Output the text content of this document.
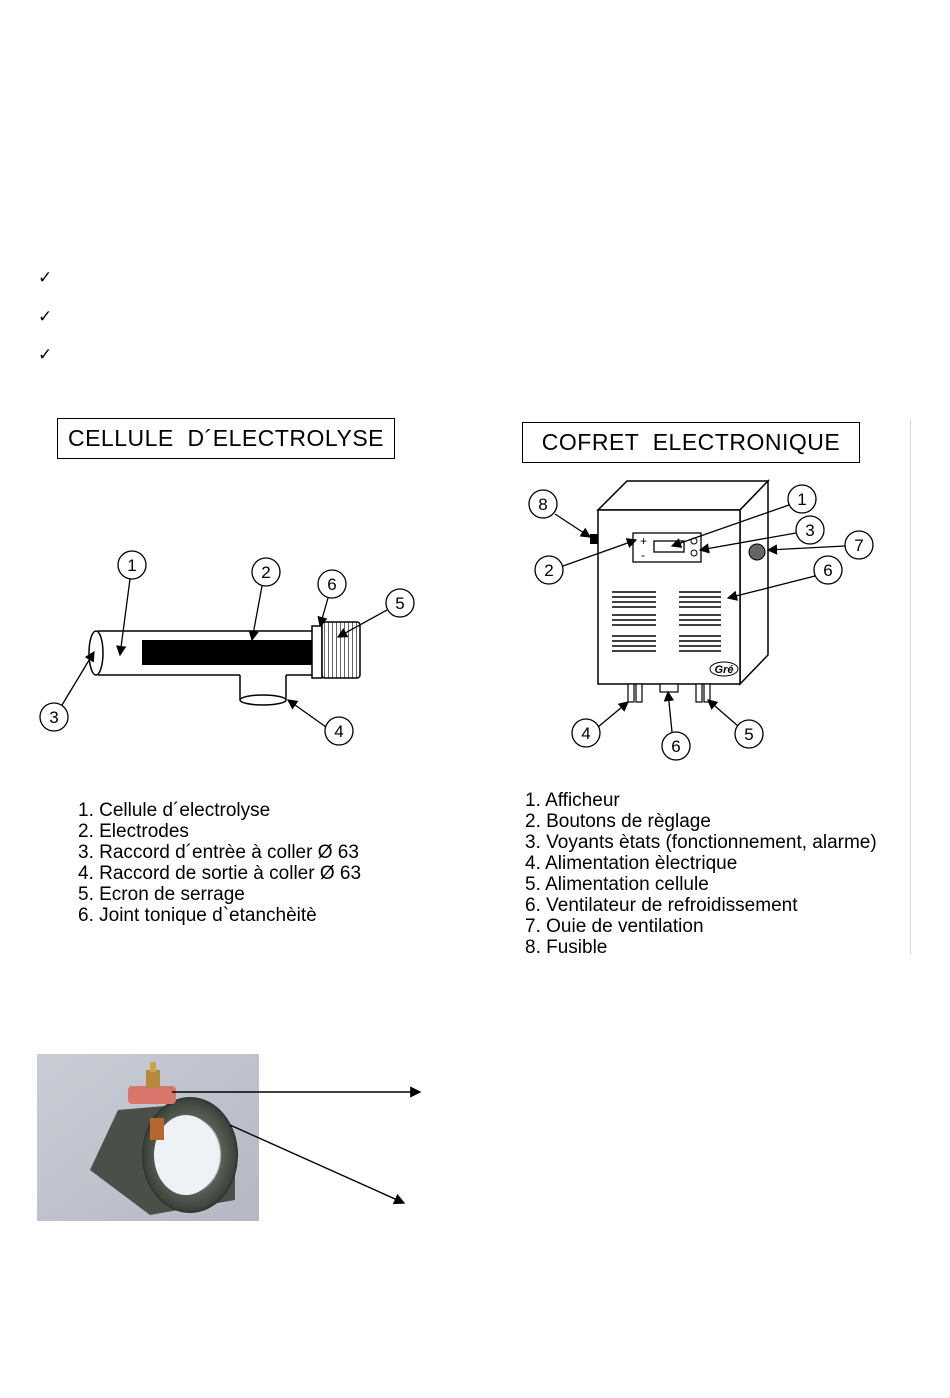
✓
✓
✓
CELLULE  D´ELECTROLYSE	COFRET  ELECTRONIQUE
1	2
3
4
5
6
+
-
Gré
1
2
3
4	5
6
7
8
6
1. Cellule d´electrolyse
2. Electrodes
3. Raccord d´entrèe à coller Ø 63
4. Raccord de sortie à coller Ø 63
5. Ecron de serrage
6. Joint tonique d`etanchèitè
1. Afficheur
2. Boutons de règlage
3. Voyants ètats (fonctionnement, alarme)
4. Alimentation èlectrique
5. Alimentation cellule
6. Ventilateur de refroidissement
7. Ouie de ventilation
8. Fusible
